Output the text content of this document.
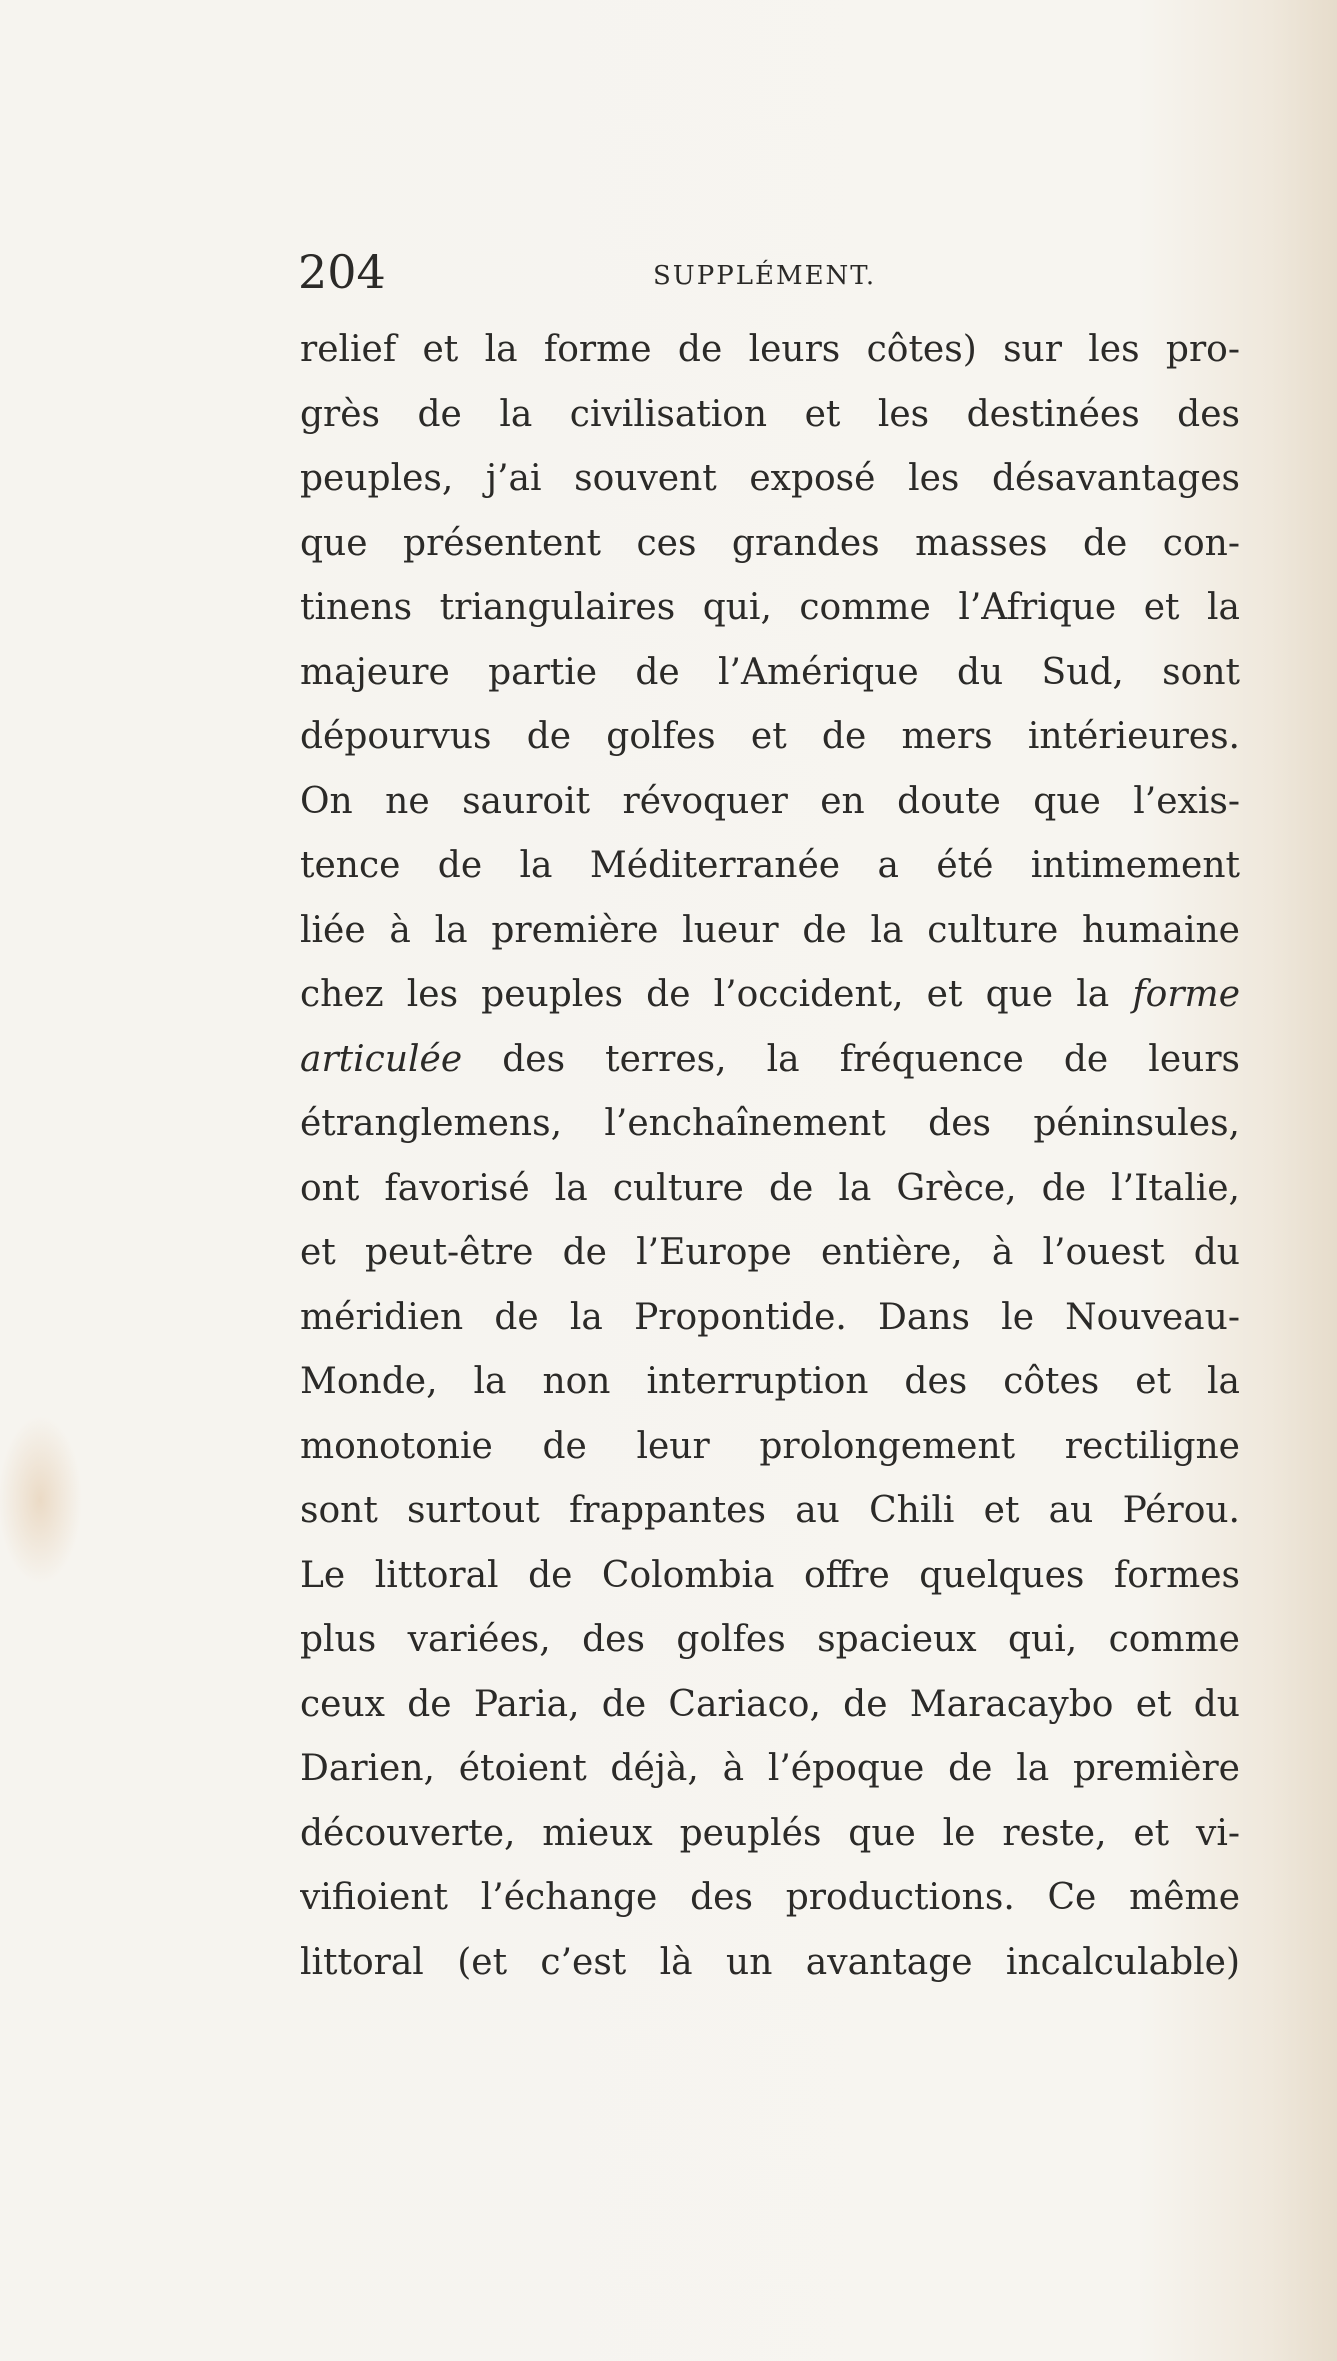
204	SUPPLÉMENT.
relief et la forme de leurs côtes) sur les pro-
grès de la civilisation et les destinées des
peuples, j’ai souvent exposé les désavantages
que présentent ces grandes masses de con-
tinens triangulaires qui, comme l’Afrique et la
majeure partie de l’Amérique du Sud, sont
dépourvus de golfes et de mers intérieures.
On ne sauroit révoquer en doute que l’exis-
tence de la Méditerranée a été intimement
liée à la première lueur de la culture humaine
chez les peuples de l’occident, et que la forme
articulée des terres, la fréquence de leurs
étranglemens, l’enchaînement des péninsules,
ont favorisé la culture de la Grèce, de l’Italie,
et peut-être de l’Europe entière, à l’ouest du
méridien de la Propontide. Dans le Nouveau-
Monde, la non interruption des côtes et la
monotonie de leur prolongement rectiligne
sont surtout frappantes au Chili et au Pérou.
Le littoral de Colombia offre quelques formes
plus variées, des golfes spacieux qui, comme
ceux de Paria, de Cariaco, de Maracaybo et du
Darien, étoient déjà, à l’époque de la première
découverte, mieux peuplés que le reste, et vi-
vifioient l’échange des productions. Ce même
littoral (et c’est là un avantage incalculable)
